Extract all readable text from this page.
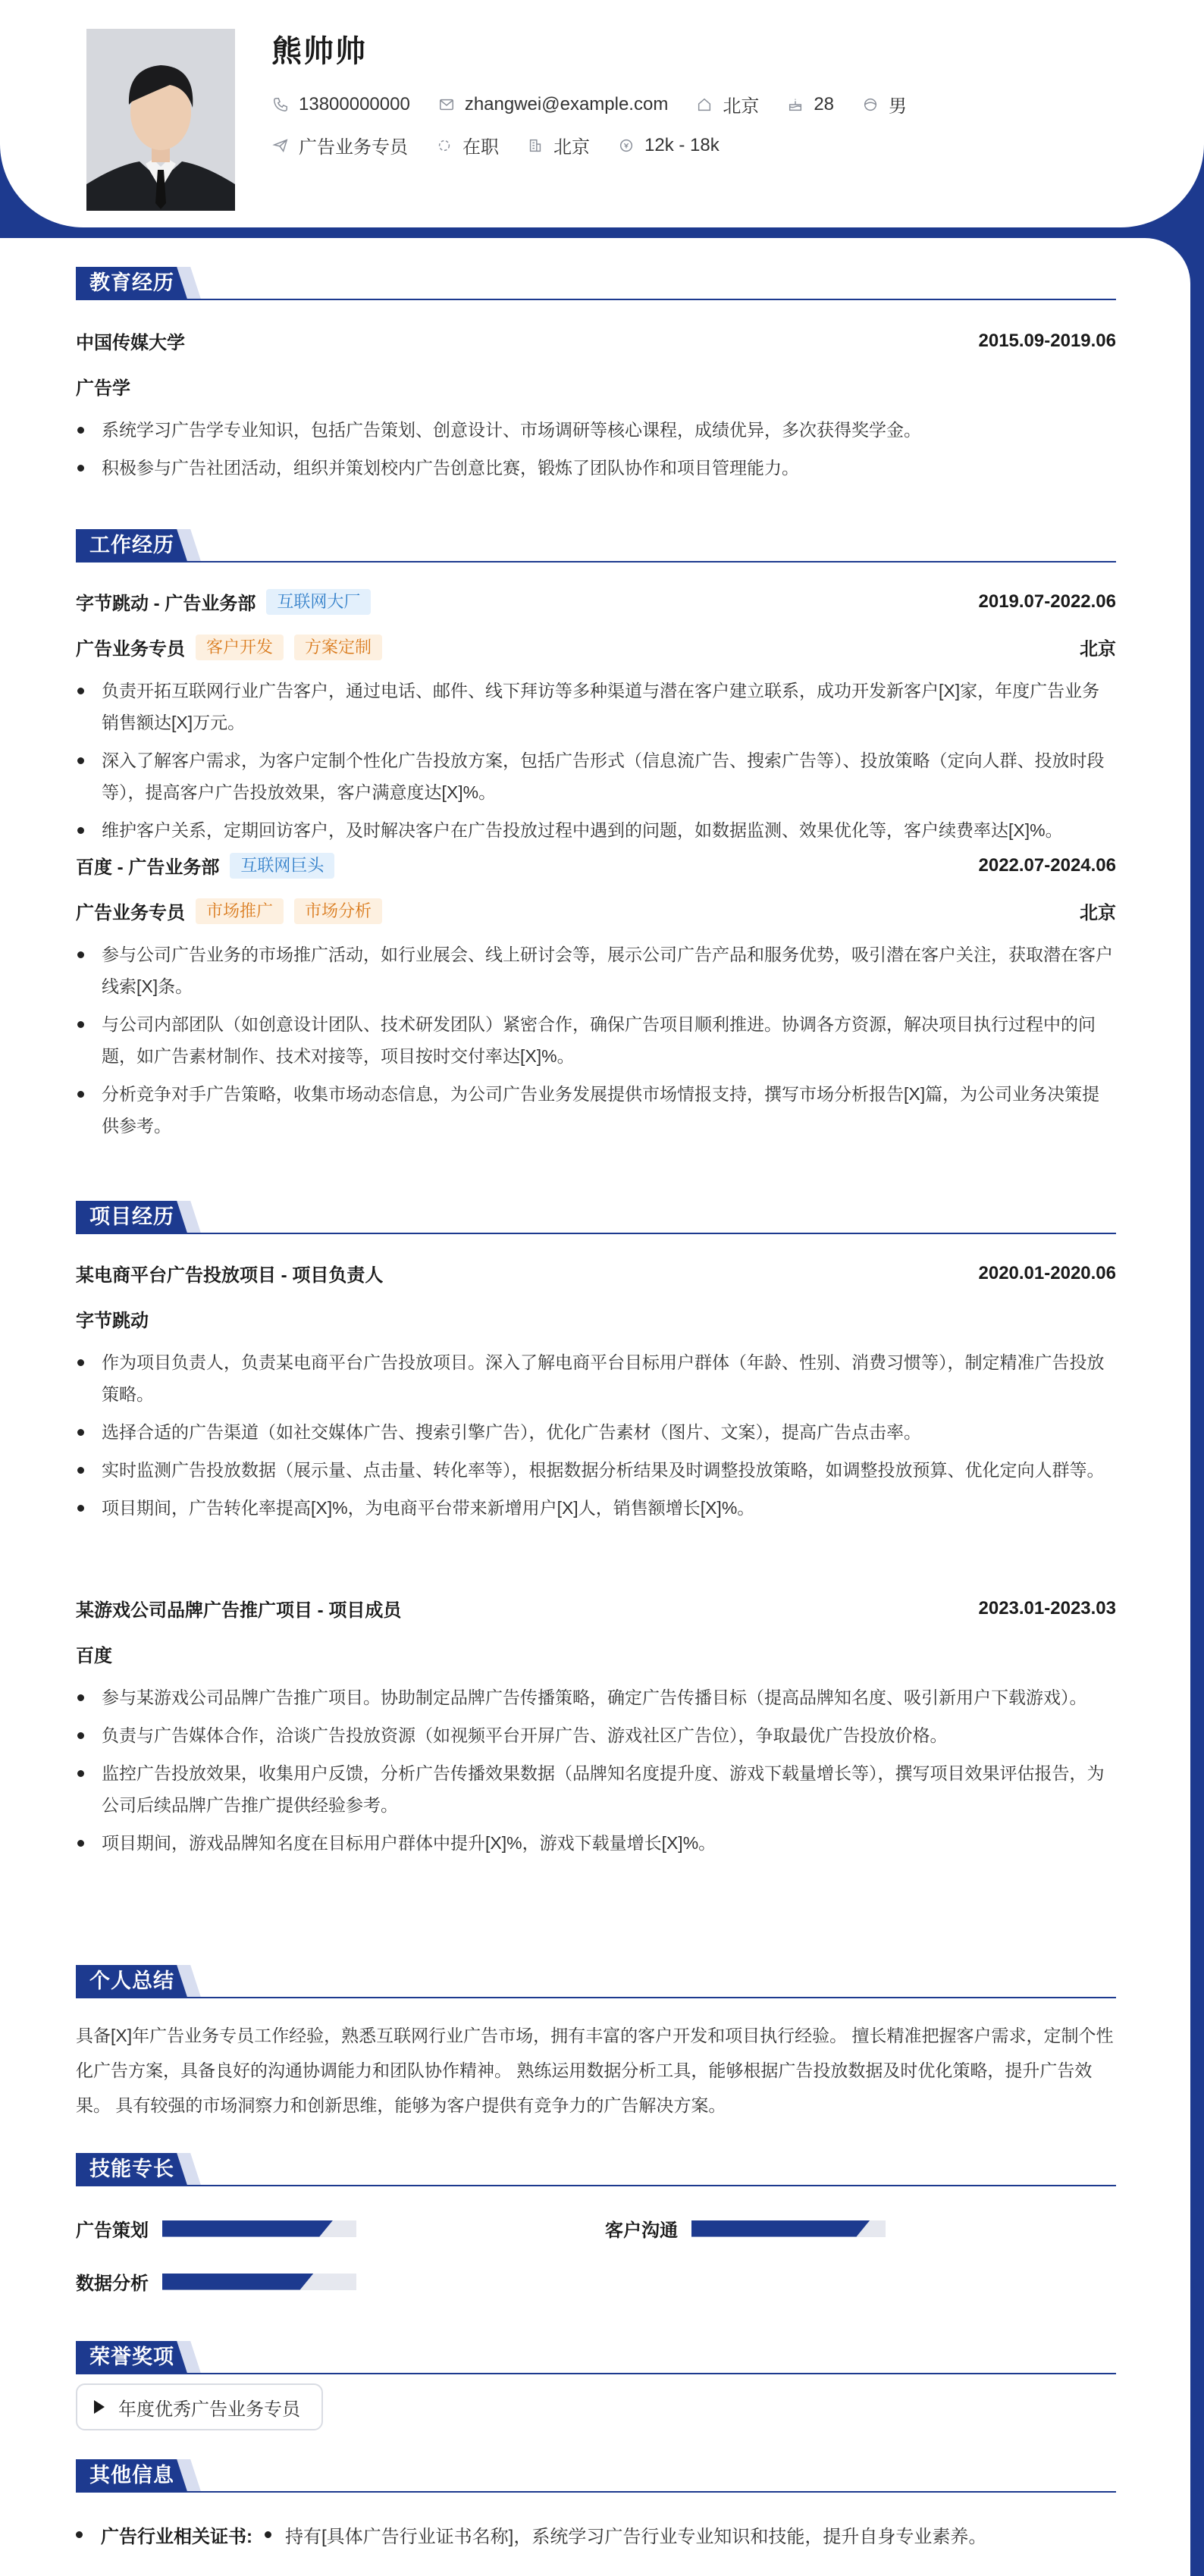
熊帅帅
13800000000	zhangwei@example.com	北京	28	男
广告业务专员	在职	北京	12k - 18k
教育经历
中国传媒大学	2015.09-2019.06
广告学
系统学习广告学专业知识，包括广告策划、创意设计、市场调研等核心课程，成绩优异，多次获得奖学金。
积极参与广告社团活动，组织并策划校内广告创意比赛，锻炼了团队协作和项目管理能力。
工作经历
字节跳动 - 广告业务部	互联网大厂	2019.07-2022.06
广告业务专员	客户开发	方案定制	北京
负责开拓互联网行业广告客户，通过电话、邮件、线下拜访等多种渠道与潜在客户建立联系，成功开发新客户[X]家，年度广告业务销售额达[X]万元。
深入了解客户需求，为客户定制个性化广告投放方案，包括广告形式（信息流广告、搜索广告等）、投放策略（定向人群、投放时段等），提高客户广告投放效果，客户满意度达[X]%。
维护客户关系，定期回访客户，及时解决客户在广告投放过程中遇到的问题，如数据监测、效果优化等，客户续费率达[X]%。
百度 - 广告业务部	互联网巨头	2022.07-2024.06
广告业务专员	市场推广	市场分析	北京
参与公司广告业务的市场推广活动，如行业展会、线上研讨会等，展示公司广告产品和服务优势，吸引潜在客户关注，获取潜在客户线索[X]条。
与公司内部团队（如创意设计团队、技术研发团队）紧密合作，确保广告项目顺利推进。协调各方资源，解决项目执行过程中的问题，如广告素材制作、技术对接等，项目按时交付率达[X]%。
分析竞争对手广告策略，收集市场动态信息，为公司广告业务发展提供市场情报支持，撰写市场分析报告[X]篇，为公司业务决策提供参考。
项目经历
某电商平台广告投放项目 - 项目负责人	2020.01-2020.06
字节跳动
作为项目负责人，负责某电商平台广告投放项目。深入了解电商平台目标用户群体（年龄、性别、消费习惯等），制定精准广告投放策略。
选择合适的广告渠道（如社交媒体广告、搜索引擎广告），优化广告素材（图片、文案），提高广告点击率。
实时监测广告投放数据（展示量、点击量、转化率等），根据数据分析结果及时调整投放策略，如调整投放预算、优化定向人群等。
项目期间，广告转化率提高[X]%，为电商平台带来新增用户[X]人，销售额增长[X]%。
某游戏公司品牌广告推广项目 - 项目成员	2023.01-2023.03
百度
参与某游戏公司品牌广告推广项目。协助制定品牌广告传播策略，确定广告传播目标（提高品牌知名度、吸引新用户下载游戏）。
负责与广告媒体合作，洽谈广告投放资源（如视频平台开屏广告、游戏社区广告位），争取最优广告投放价格。
监控广告投放效果，收集用户反馈，分析广告传播效果数据（品牌知名度提升度、游戏下载量增长等），撰写项目效果评估报告，为公司后续品牌广告推广提供经验参考。
项目期间，游戏品牌知名度在目标用户群体中提升[X]%，游戏下载量增长[X]%。
个人总结
具备[X]年广告业务专员工作经验，熟悉互联网行业广告市场，拥有丰富的客户开发和项目执行经验。 擅长精准把握客户需求，定制个性化广告方案，具备良好的沟通协调能力和团队协作精神。 熟练运用数据分析工具，能够根据广告投放数据及时优化策略，提升广告效果。 具有较强的市场洞察力和创新思维，能够为客户提供有竞争力的广告解决方案。
技能专长
广告策划	客户沟通
数据分析
荣誉奖项
年度优秀广告业务专员
其他信息
广告行业相关证书: 持有[具体广告行业证书名称]，系统学习广告行业专业知识和技能，提升自身专业素养。
